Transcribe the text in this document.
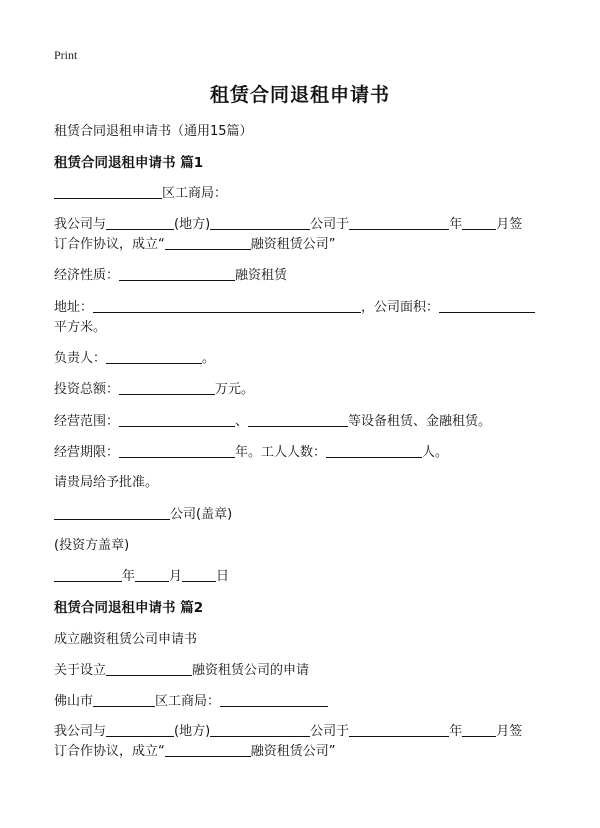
Print
租赁合同退租申请书
租赁合同退租申请书（通用15篇）
租赁合同退租申请书 篇1
区工商局：
我公司与	(地方)	公司于	年	月签
订合作协议，成立“	融资租赁公司”
经济性质：	融资租赁
地址：	，公司面积：
平方米。
负责人：	。
投资总额：	万元。
经营范围：	、	等设备租赁、金融租赁。
经营期限：	年。工人人数：	人。
请贵局给予批准。
公司(盖章)
(投资方盖章)
年	月	日
租赁合同退租申请书 篇2
成立融资租赁公司申请书
关于设立	融资租赁公司的申请
佛山市	区工商局：
我公司与	(地方)	公司于	年	月签
订合作协议，成立“	融资租赁公司”
